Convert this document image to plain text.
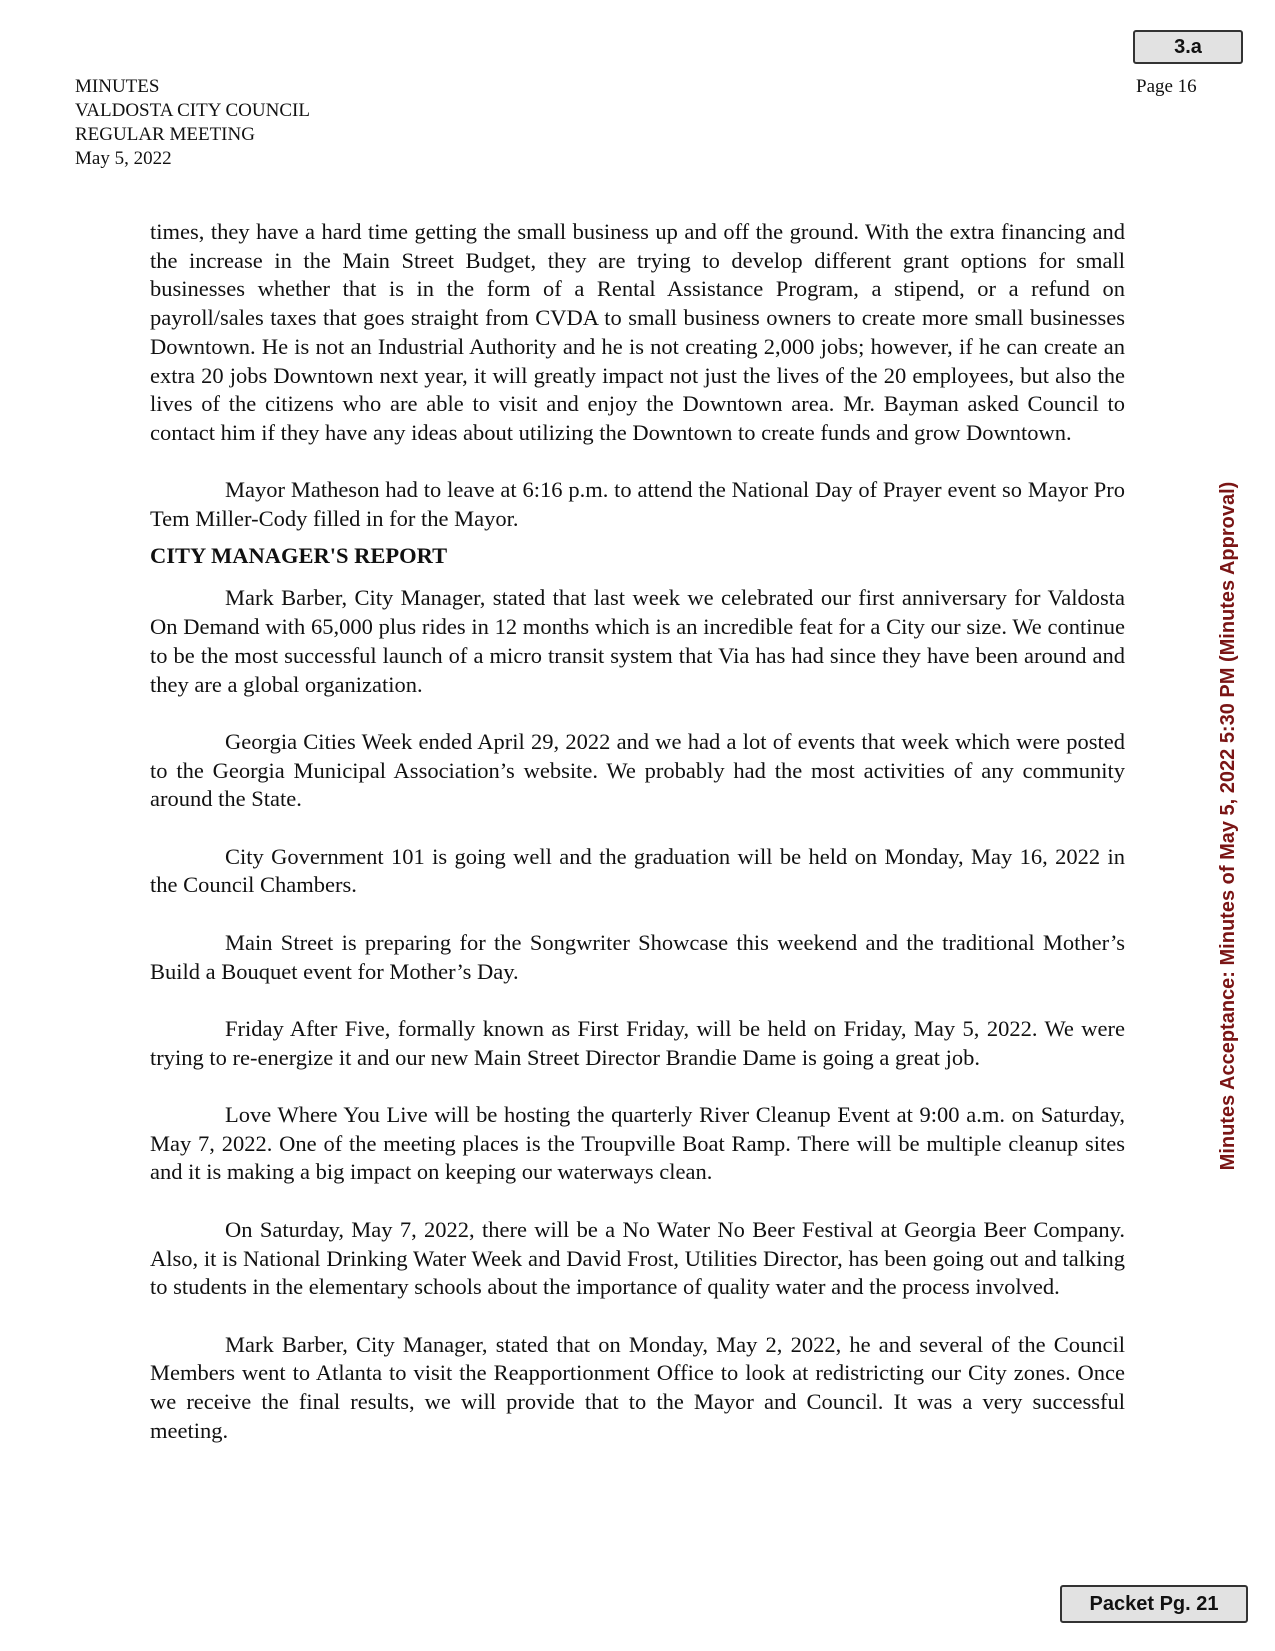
3.a
MINUTES
VALDOSTA CITY COUNCIL
REGULAR MEETING
May 5, 2022
Page 16

times, they have a hard time getting the small business up and off the ground. With the extra financing and the increase in the Main Street Budget, they are trying to develop different grant options for small businesses whether that is in the form of a Rental Assistance Program, a stipend, or a refund on payroll/sales taxes that goes straight from CVDA to small business owners to create more small businesses Downtown. He is not an Industrial Authority and he is not creating 2,000 jobs; however, if he can create an extra 20 jobs Downtown next year, it will greatly impact not just the lives of the 20 employees, but also the lives of the citizens who are able to visit and enjoy the Downtown area. Mr. Bayman asked Council to contact him if they have any ideas about utilizing the Downtown to create funds and grow Downtown.

Mayor Matheson had to leave at 6:16 p.m. to attend the National Day of Prayer event so Mayor Pro Tem Miller-Cody filled in for the Mayor.

CITY MANAGER'S REPORT

Mark Barber, City Manager, stated that last week we celebrated our first anniversary for Valdosta On Demand with 65,000 plus rides in 12 months which is an incredible feat for a City our size. We continue to be the most successful launch of a micro transit system that Via has had since they have been around and they are a global organization.

Georgia Cities Week ended April 29, 2022 and we had a lot of events that week which were posted to the Georgia Municipal Association’s website. We probably had the most activities of any community around the State.

City Government 101 is going well and the graduation will be held on Monday, May 16, 2022 in the Council Chambers.

Main Street is preparing for the Songwriter Showcase this weekend and the traditional Mother’s Build a Bouquet event for Mother’s Day.

Friday After Five, formally known as First Friday, will be held on Friday, May 5, 2022. We were trying to re-energize it and our new Main Street Director Brandie Dame is going a great job.

Love Where You Live will be hosting the quarterly River Cleanup Event at 9:00 a.m. on Saturday, May 7, 2022. One of the meeting places is the Troupville Boat Ramp. There will be multiple cleanup sites and it is making a big impact on keeping our waterways clean.

On Saturday, May 7, 2022, there will be a No Water No Beer Festival at Georgia Beer Company. Also, it is National Drinking Water Week and David Frost, Utilities Director, has been going out and talking to students in the elementary schools about the importance of quality water and the process involved.

Mark Barber, City Manager, stated that on Monday, May 2, 2022, he and several of the Council Members went to Atlanta to visit the Reapportionment Office to look at redistricting our City zones. Once we receive the final results, we will provide that to the Mayor and Council. It was a very successful meeting.

Minutes Acceptance: Minutes of May 5, 2022 5:30 PM (Minutes Approval)
Packet Pg. 21
